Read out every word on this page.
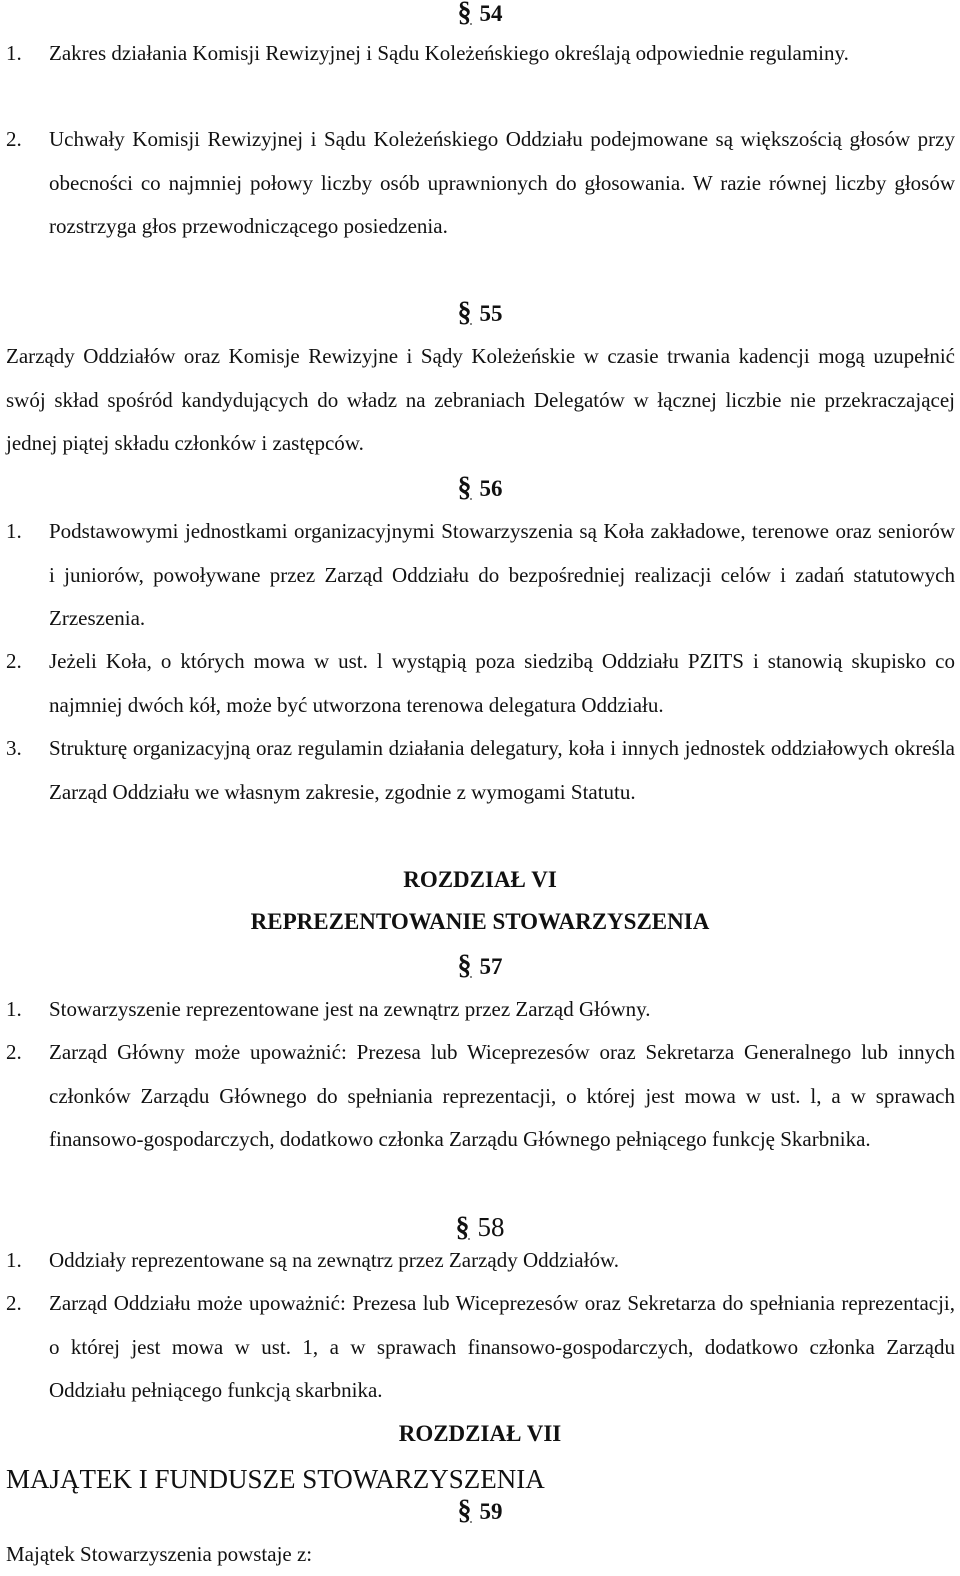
§ 54
1. Zakres działania Komisji Rewizyjnej i Sądu Koleżeńskiego określają odpowiednie regulaminy.
2. Uchwały Komisji Rewizyjnej i Sądu Koleżeńskiego Oddziału podejmowane są większością głosów przy obecności co najmniej połowy liczby osób uprawnionych do głosowania. W razie równej liczby głosów rozstrzyga głos przewodniczącego posiedzenia.
§ 55
Zarządy Oddziałów oraz Komisje Rewizyjne i Sądy Koleżeńskie w czasie trwania kadencji mogą uzupełnić swój skład spośród kandydujących do władz na zebraniach Delegatów w łącznej liczbie nie przekraczającej jednej piątej składu członków i zastępców.
§ 56
1. Podstawowymi jednostkami organizacyjnymi Stowarzyszenia są Koła zakładowe, terenowe oraz seniorów i juniorów, powoływane przez Zarząd Oddziału do bezpośredniej realizacji celów i zadań statutowych Zrzeszenia.
2. Jeżeli Koła, o których mowa w ust. l wystąpią poza siedzibą Oddziału PZITS i stanowią skupisko co najmniej dwóch kół, może być utworzona terenowa delegatura Oddziału.
3. Strukturę organizacyjną oraz regulamin działania delegatury, koła i innych jednostek oddziałowych określa Zarząd Oddziału we własnym zakresie, zgodnie z wymogami Statutu.
ROZDZIAŁ VI
REPREZENTOWANIE STOWARZYSZENIA
§ 57
1. Stowarzyszenie reprezentowane jest na zewnątrz przez Zarząd Główny.
2. Zarząd Główny może upoważnić: Prezesa lub Wiceprezesów oraz Sekretarza Generalnego lub innych członków Zarządu Głównego do spełniania reprezentacji, o której jest mowa w ust. l, a w sprawach finansowo-gospodarczych, dodatkowo członka Zarządu Głównego pełniącego funkcję Skarbnika.
§ 58
1. Oddziały reprezentowane są na zewnątrz przez Zarządy Oddziałów.
2. Zarząd Oddziału może upoważnić: Prezesa lub Wiceprezesów oraz Sekretarza do spełniania reprezentacji, o której jest mowa w ust. 1, a w sprawach finansowo-gospodarczych, dodatkowo członka Zarządu Oddziału pełniącego funkcją skarbnika.
ROZDZIAŁ VII
MAJĄTEK I FUNDUSZE STOWARZYSZENIA
§ 59
Majątek Stowarzyszenia powstaje z:
